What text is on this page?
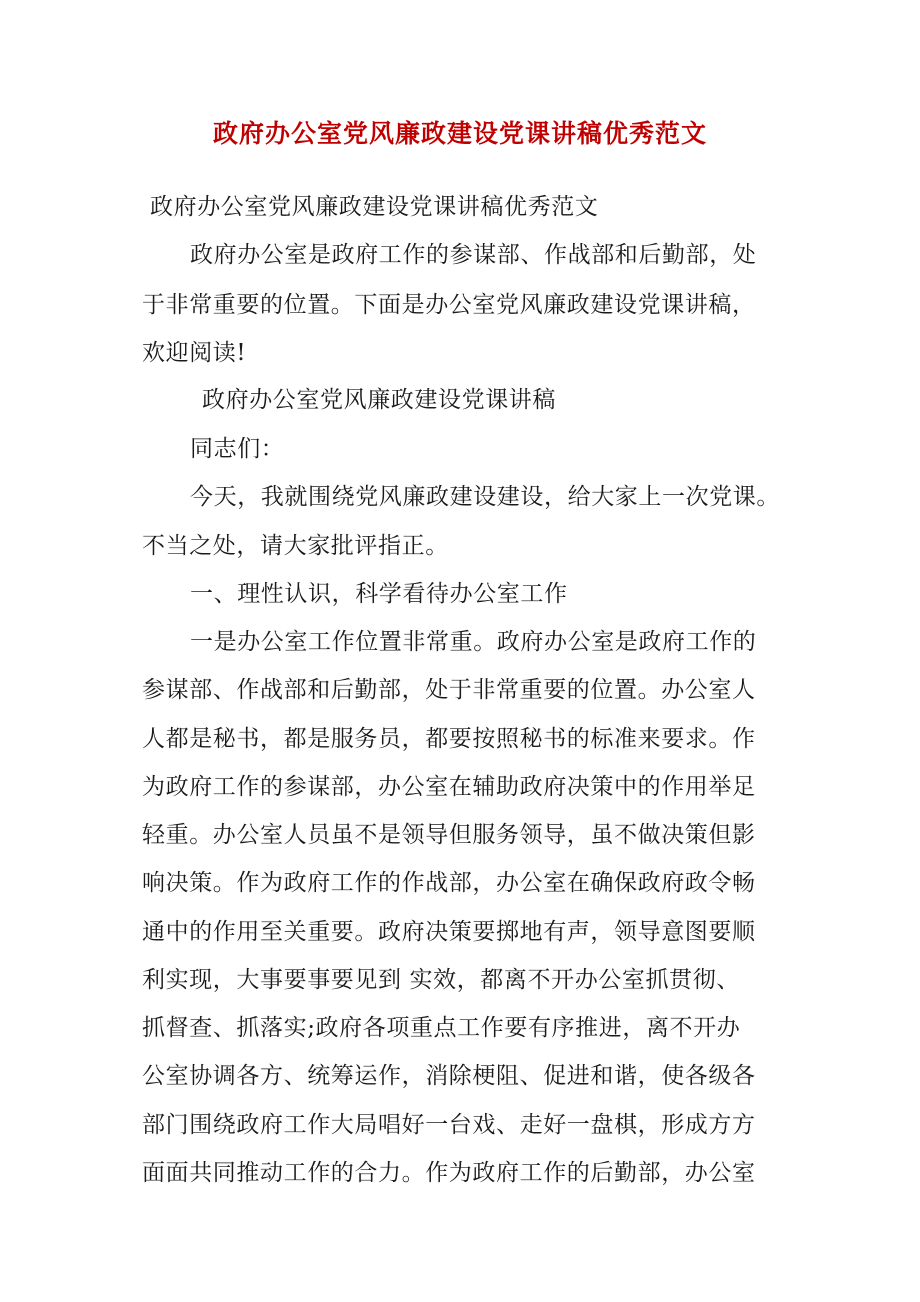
政府办公室党风廉政建设党课讲稿优秀范文
政府办公室党风廉政建设党课讲稿优秀范文
政府办公室是政府工作的参谋部、作战部和后勤部，处
于非常重要的位置。下面是办公室党风廉政建设党课讲稿，
欢迎阅读!
政府办公室党风廉政建设党课讲稿
同志们：
今天，我就围绕党风廉政建设建设，给大家上一次党课。
不当之处，请大家批评指正。
一、理性认识，科学看待办公室工作
一是办公室工作位置非常重。政府办公室是政府工作的
参谋部、作战部和后勤部，处于非常重要的位置。办公室人
人都是秘书，都是服务员，都要按照秘书的标准来要求。作
为政府工作的参谋部，办公室在辅助政府决策中的作用举足
轻重。办公室人员虽不是领导但服务领导，虽不做决策但影
响决策。作为政府工作的作战部，办公室在确保政府政令畅
通中的作用至关重要。政府决策要掷地有声，领导意图要顺
利实现，大事要事要见到 实效，都离不开办公室抓贯彻、
抓督查、抓落实;政府各项重点工作要有序推进，离不开办
公室协调各方、统筹运作，消除梗阻、促进和谐，使各级各
部门围绕政府工作大局唱好一台戏、走好一盘棋，形成方方
面面共同推动工作的合力。作为政府工作的后勤部，办公室
